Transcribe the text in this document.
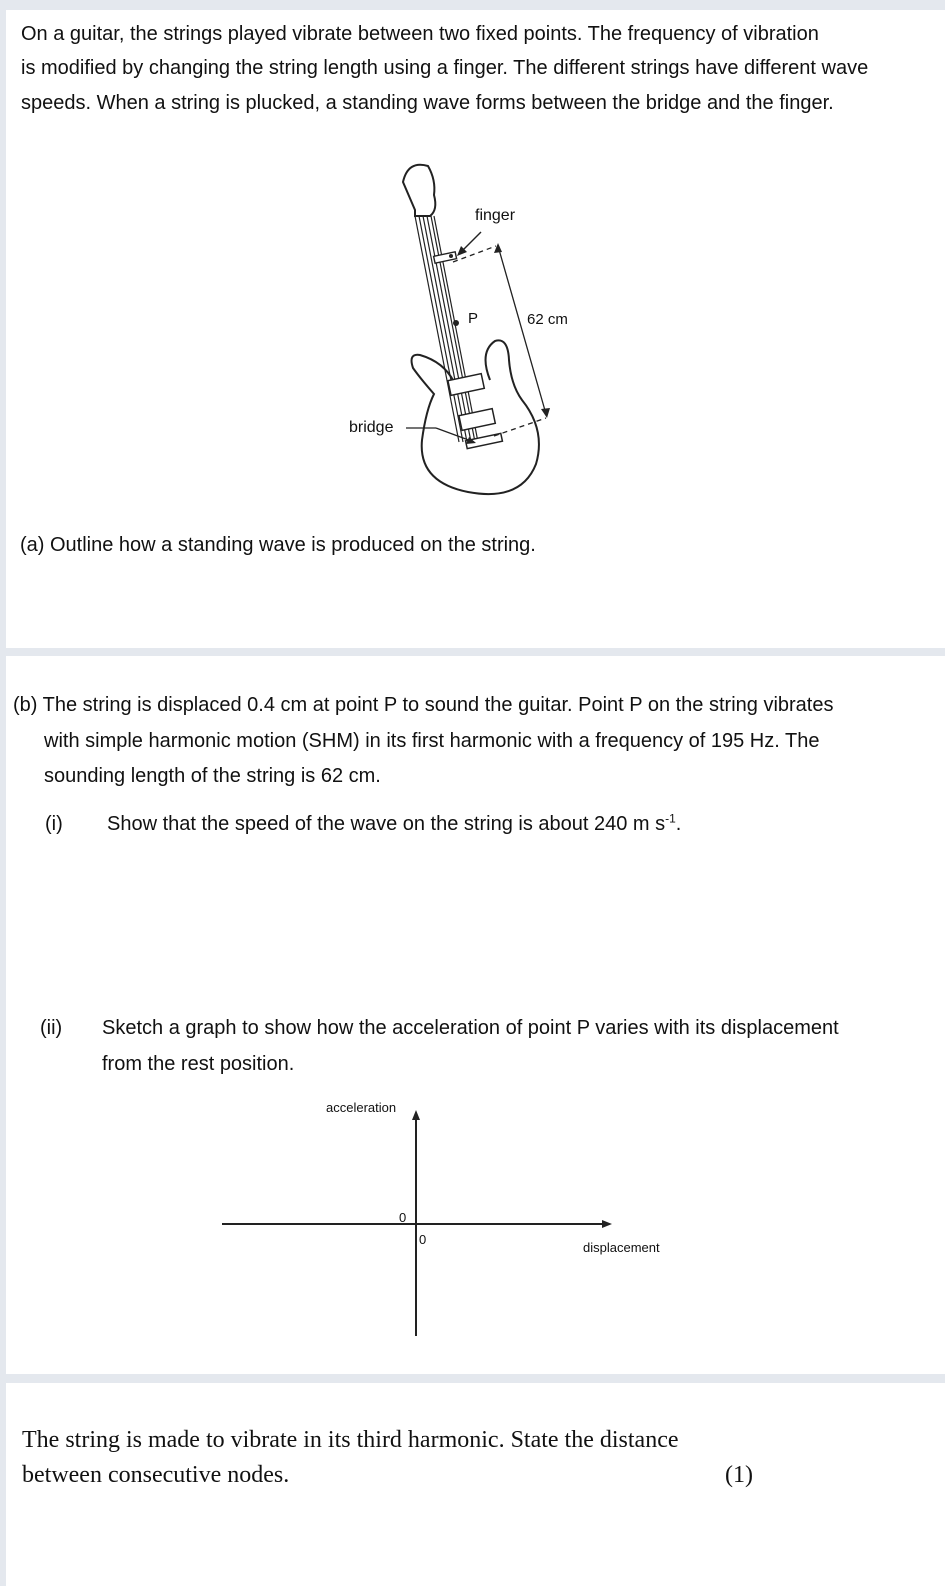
On a guitar, the strings played vibrate between two fixed points. The frequency of vibration

is modified by changing the string length using a finger. The different strings have different wave

speeds. When a string is plucked, a standing wave forms between the bridge and the finger.

finger
P	62 cm
bridge

(a) Outline how a standing wave is produced on the string.

(b) The string is displaced 0.4 cm at point P to sound the guitar. Point P on the string vibrates

with simple harmonic motion (SHM) in its first harmonic with a frequency of 195 Hz. The

sounding length of the string is 62 cm.

(i) Show that the speed of the wave on the string is about 240 m $s^{-1}$.

(ii) Sketch a graph to show how the acceleration of point P varies with its displacement

from the rest position.

acceleration
displacement
0
0

The string is made to vibrate in its third harmonic. State the distance

between consecutive nodes.	(1)
